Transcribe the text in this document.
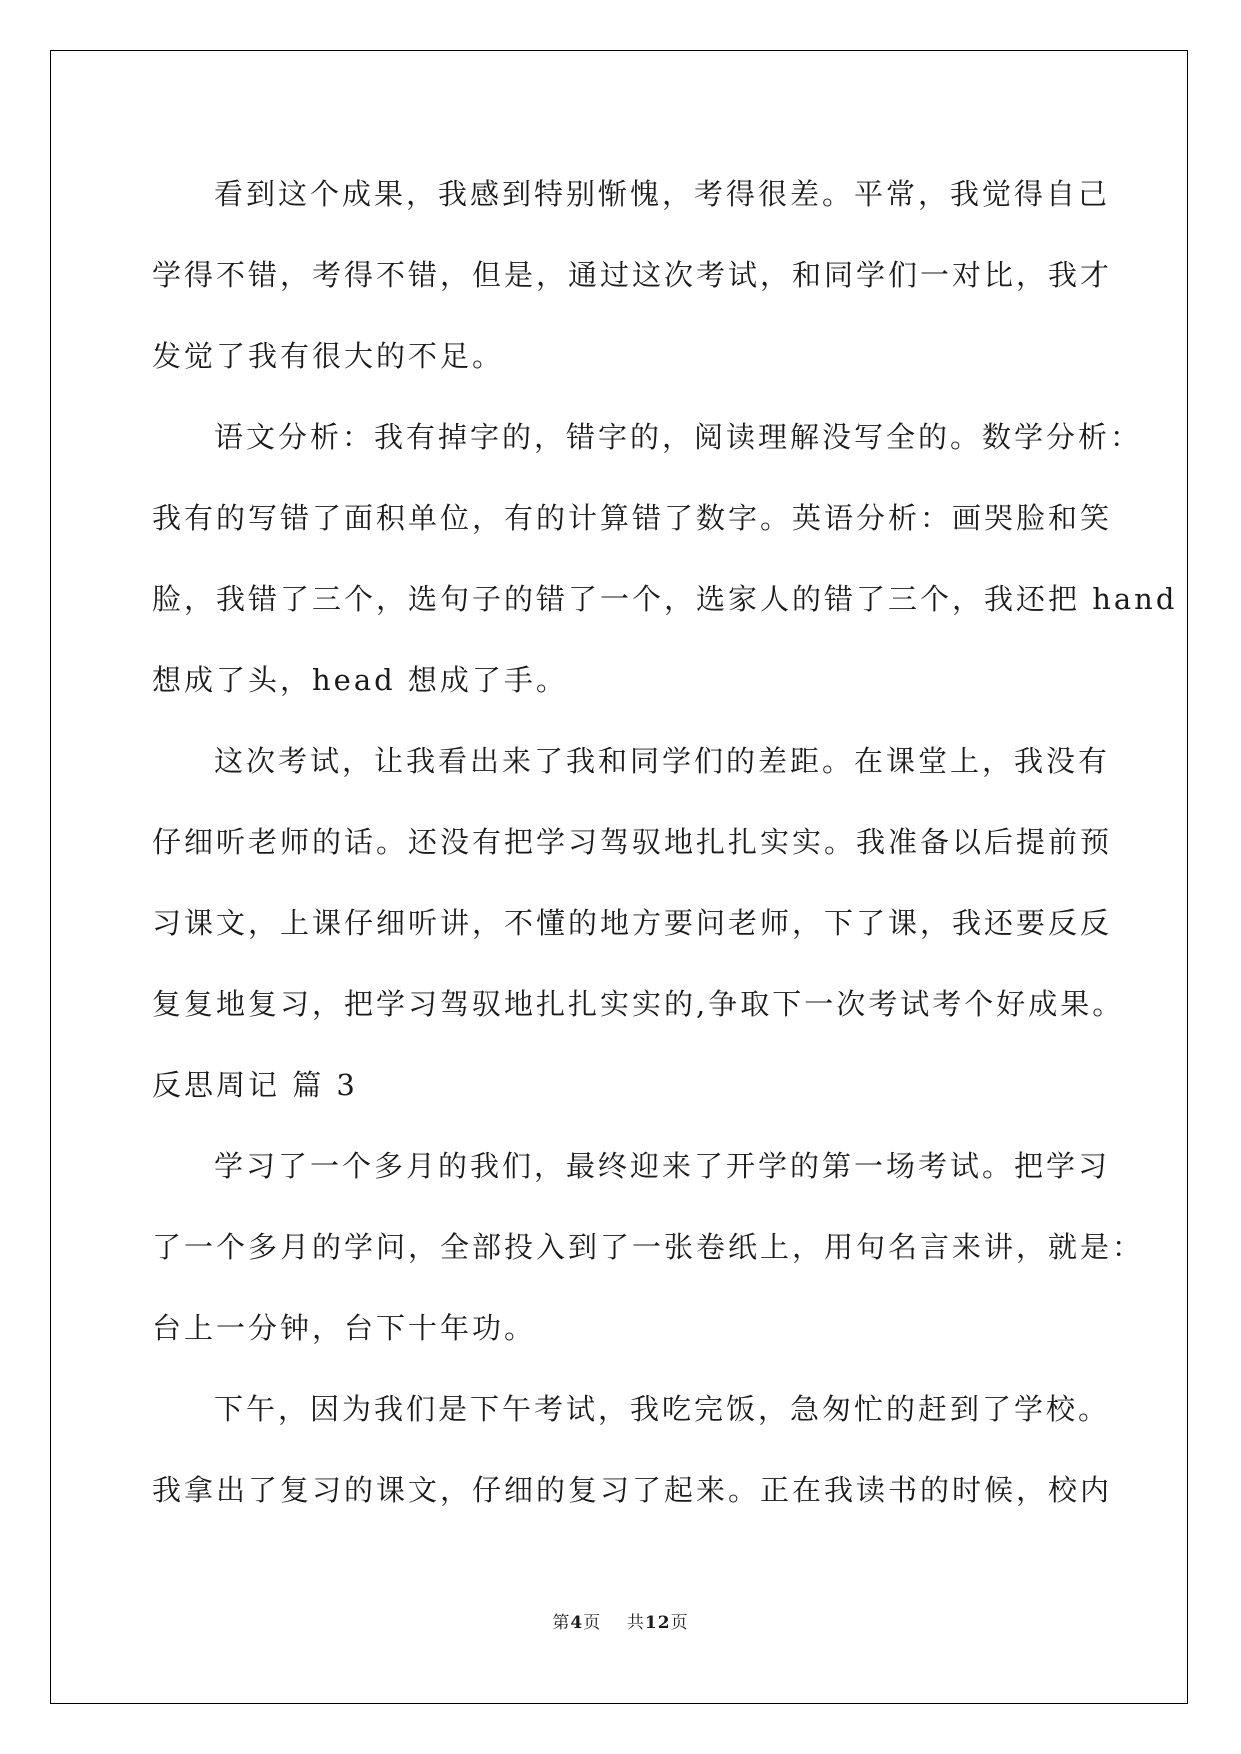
看到这个成果，我感到特别惭愧，考得很差。平常，我觉得自己
学得不错，考得不错，但是，通过这次考试，和同学们一对比，我才
发觉了我有很大的不足。
语文分析：我有掉字的，错字的，阅读理解没写全的。数学分析：
我有的写错了面积单位，有的计算错了数字。英语分析：画哭脸和笑
脸，我错了三个，选句子的错了一个，选家人的错了三个，我还把 hand
想成了头，head 想成了手。
这次考试，让我看出来了我和同学们的差距。在课堂上，我没有
仔细听老师的话。还没有把学习驾驭地扎扎实实。我准备以后提前预
习课文，上课仔细听讲，不懂的地方要问老师，下了课，我还要反反
复复地复习，把学习驾驭地扎扎实实的,争取下一次考试考个好成果。
反思周记 篇 3
学习了一个多月的我们，最终迎来了开学的第一场考试。把学习
了一个多月的学问，全部投入到了一张卷纸上，用句名言来讲，就是：
台上一分钟，台下十年功。
下午，因为我们是下午考试，我吃完饭，急匆忙的赶到了学校。
我拿出了复习的课文，仔细的复习了起来。正在我读书的时候，校内
第4页 共12页
